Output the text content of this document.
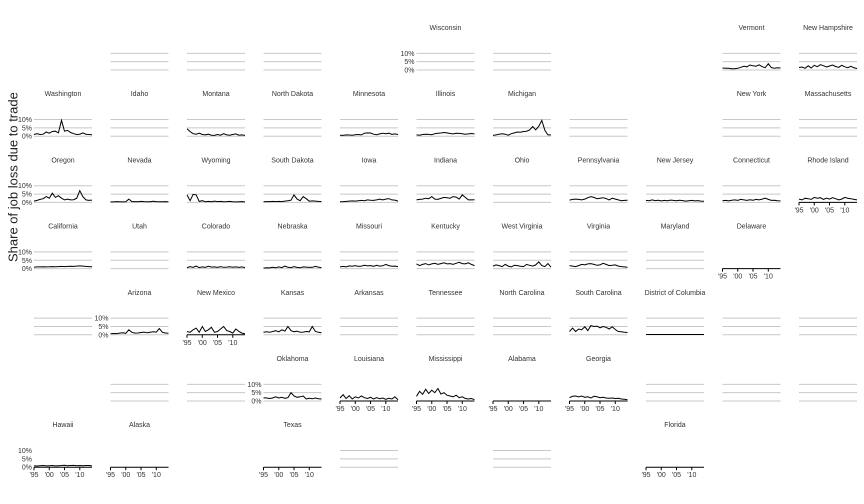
Share of job loss due to trade
Wisconsin
0%
5%
10%
Vermont	New Hampshire
Washington
0%
5%
10%
Idaho	Montana	North Dakota	Minnesota	Illinois	Michigan	New York	Massachusetts
Oregon
0%
5%
10%
Nevada	Wyoming	South Dakota	Iowa	Indiana	Ohio	Pennsylvania	New Jersey	Connecticut	Rhode Island
'95 '00 '05 '10
California
0%
5%
10%
Utah	Colorado	Nebraska	Missouri	Kentucky	West Virginia	Virginia	Maryland	Delaware
'95 '00 '05 '10
Arizona
0%
5%
10%
New Mexico
'95 '00 '05 '10
Kansas	Arkansas	Tennessee	North Carolina	South Carolina	District of Columbia
Oklahoma
0%
5%
10%
Louisiana
'95 '00 '05 '10
Mississippi
'95 '00 '05 '10
Alabama
'95 '00 '05 '10
Georgia
'95 '00 '05 '10
Hawaii
0%
5%
10%
'95 '00 '05 '10
Alaska
'95 '00 '05 '10
Texas
'95 '00 '05 '10
Florida
'95 '00 '05 '10
